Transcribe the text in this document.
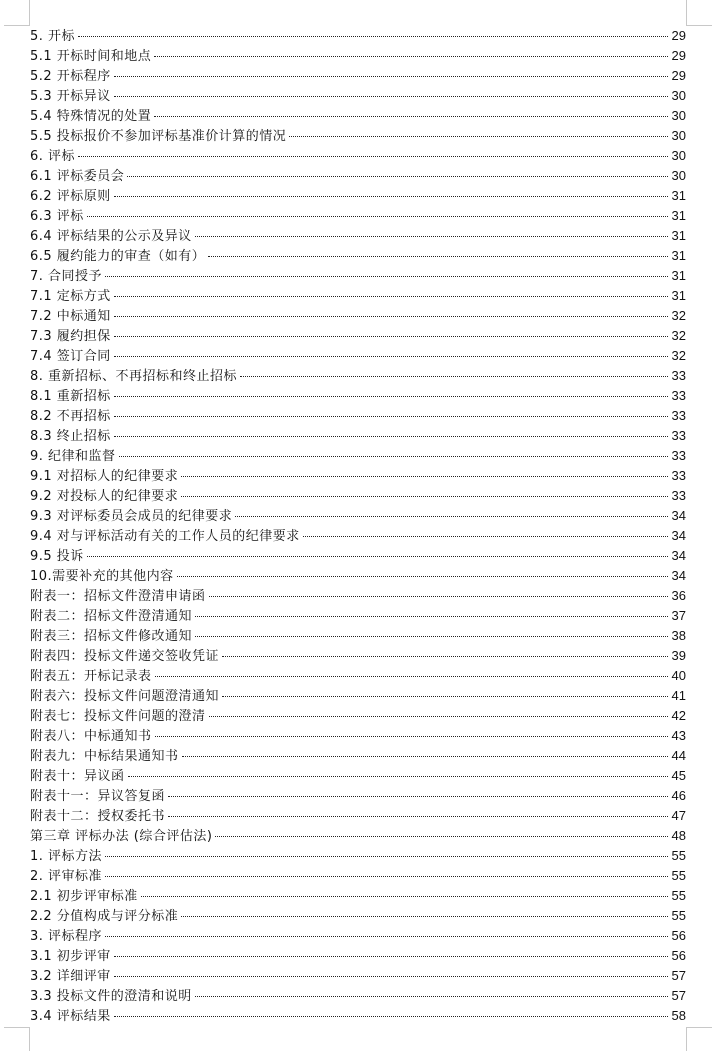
5. 开标	29
5.1 开标时间和地点	29
5.2 开标程序	29
5.3 开标异议	30
5.4 特殊情况的处置	30
5.5 投标报价不参加评标基准价计算的情况	30
6. 评标	30
6.1 评标委员会	30
6.2 评标原则	31
6.3 评标	31
6.4 评标结果的公示及异议	31
6.5 履约能力的审查（如有）	31
7. 合同授予	31
7.1 定标方式	31
7.2 中标通知	32
7.3 履约担保	32
7.4 签订合同	32
8. 重新招标、不再招标和终止招标	33
8.1 重新招标	33
8.2 不再招标	33
8.3 终止招标	33
9. 纪律和监督	33
9.1 对招标人的纪律要求	33
9.2 对投标人的纪律要求	33
9.3 对评标委员会成员的纪律要求	34
9.4 对与评标活动有关的工作人员的纪律要求	34
9.5 投诉	34
10.需要补充的其他内容	34
附表一：招标文件澄清申请函	36
附表二：招标文件澄清通知	37
附表三：招标文件修改通知	38
附表四：投标文件递交签收凭证	39
附表五：开标记录表	40
附表六：投标文件问题澄清通知	41
附表七：投标文件问题的澄清	42
附表八：中标通知书	43
附表九：中标结果通知书	44
附表十：异议函	45
附表十一：异议答复函	46
附表十二：授权委托书	47
第三章 评标办法 (综合评估法)	48
1. 评标方法	55
2. 评审标准	55
2.1 初步评审标准	55
2.2 分值构成与评分标准	55
3. 评标程序	56
3.1 初步评审	56
3.2 详细评审	57
3.3 投标文件的澄清和说明	57
3.4 评标结果	58
